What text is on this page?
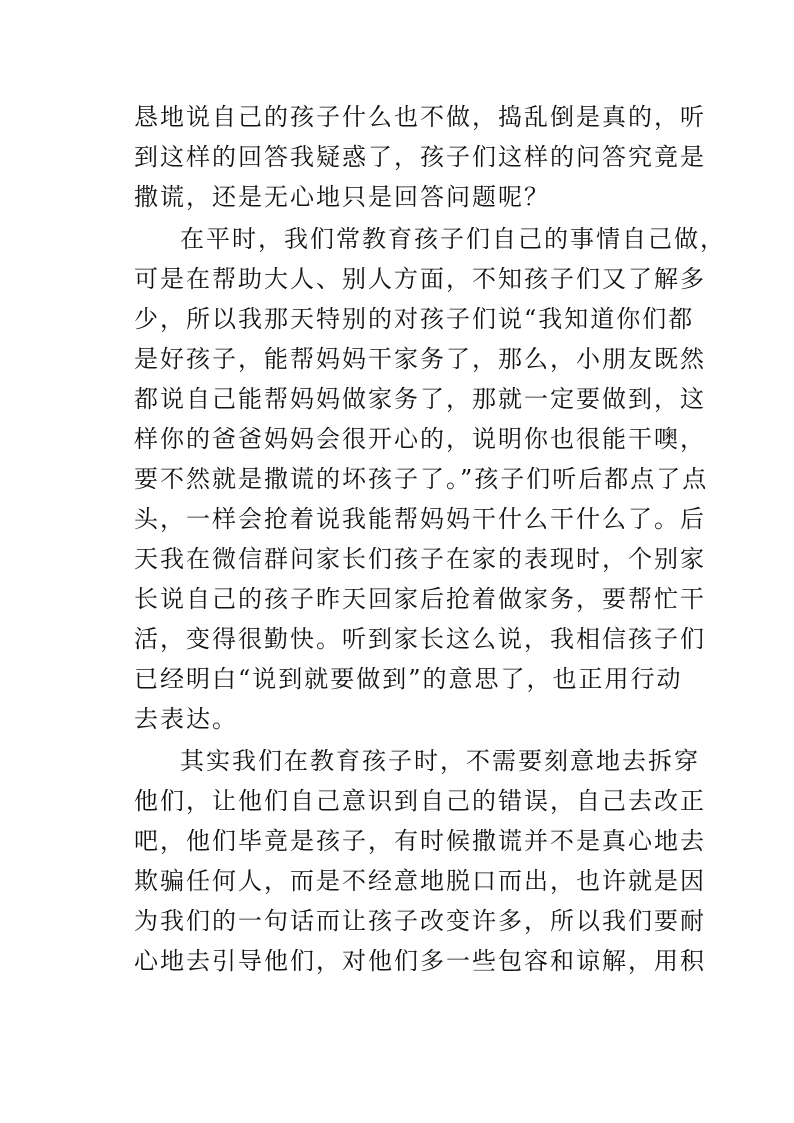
恳地说自己的孩子什么也不做，捣乱倒是真的，听
到这样的回答我疑惑了，孩子们这样的问答究竟是
撒谎，还是无心地只是回答问题呢？
在平时，我们常教育孩子们自己的事情自己做，
可是在帮助大人、别人方面，不知孩子们又了解多
少，所以我那天特别的对孩子们说“我知道你们都
是好孩子，能帮妈妈干家务了，那么，小朋友既然
都说自己能帮妈妈做家务了，那就一定要做到，这
样你的爸爸妈妈会很开心的，说明你也很能干噢，
要不然就是撒谎的坏孩子了。”孩子们听后都点了点
头，一样会抢着说我能帮妈妈干什么干什么了。后
天我在微信群问家长们孩子在家的表现时，个别家
长说自己的孩子昨天回家后抢着做家务，要帮忙干
活，变得很勤快。听到家长这么说，我相信孩子们
已经明白“说到就要做到”的意思了，也正用行动
去表达。
其实我们在教育孩子时，不需要刻意地去拆穿
他们，让他们自己意识到自己的错误，自己去改正
吧，他们毕竟是孩子，有时候撒谎并不是真心地去
欺骗任何人，而是不经意地脱口而出，也许就是因
为我们的一句话而让孩子改变许多，所以我们要耐
心地去引导他们，对他们多一些包容和谅解，用积
